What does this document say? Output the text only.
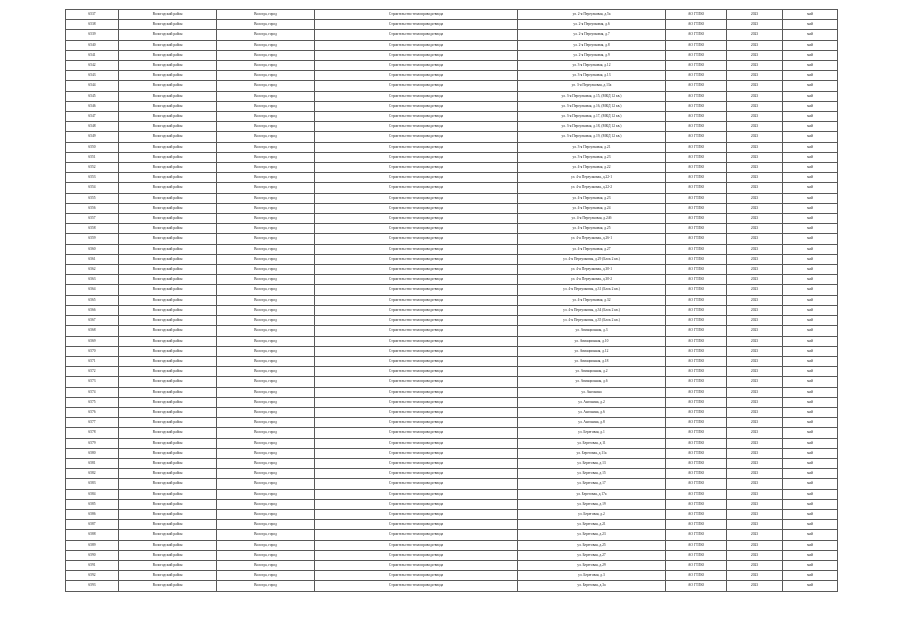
6537	Вологодский район	Вологда, город	Строительство теплопровода-ввода	ул. 2-я Переулковая, д.5а	АО ГТЛЮ	2023	май
6538	Вологодский район	Вологда, город	Строительство теплопровода-ввода	ул. 2-я Переулковая, д.6	АО ГТЛЮ	2023	май
6539	Вологодский район	Вологда, город	Строительство теплопровода-ввода	ул. 2-я Переулковая, д.7	АО ГТЛЮ	2023	май
6540	Вологодский район	Вологда, город	Строительство теплопровода-ввода	ул. 2-я Переулковая, д.8	АО ГТЛЮ	2023	май
6541	Вологодский район	Вологда, город	Строительство теплопровода-ввода	ул. 2-я Переулковая, д.9	АО ГТЛЮ	2023	май
6542	Вологодский район	Вологда, город	Строительство теплопровода-ввода	ул. 3-я Переулковая, д.12	АО ГТЛЮ	2023	май
6543	Вологодский район	Вологда, город	Строительство теплопровода-ввода	ул. 3-я Переулковая, д.13	АО ГТЛЮ	2023	май
6544	Вологодский район	Вологда, город	Строительство теплопровода-ввода	ул. 3-я Переулковая, д.13а	АО ГТЛЮ	2023	май
6545	Вологодский район	Вологда, город	Строительство теплопровода-ввода	ул. 3-я Переулковая, д.15, (МКД 12 кв.)	АО ГТЛЮ	2023	май
6546	Вологодский район	Вологда, город	Строительство теплопровода-ввода	ул. 3-я Переулковая, д.16, (МКД 12 кв.)	АО ГТЛЮ	2023	май
6547	Вологодский район	Вологда, город	Строительство теплопровода-ввода	ул. 3-я Переулковая, д.17, (МКД 12 кв.)	АО ГТЛЮ	2023	май
6548	Вологодский район	Вологда, город	Строительство теплопровода-ввода	ул. 3-я Переулковая, д.18, (МКД 12 кв.)	АО ГТЛЮ	2023	май
6549	Вологодский район	Вологда, город	Строительство теплопровода-ввода	ул. 3-я Переулковая, д.19, (МКД 12 кв.)	АО ГТЛЮ	2023	май
6550	Вологодский район	Вологда, город	Строительство теплопровода-ввода	ул. 3-я Переулковая, д.21	АО ГТЛЮ	2023	май
6551	Вологодский район	Вологда, город	Строительство теплопровода-ввода	ул. 3-я Переулковая, д.23	АО ГТЛЮ	2023	май
6552	Вологодский район	Вологда, город	Строительство теплопровода-ввода	ул. 4-я Переулковая, д.22	АО ГТЛЮ	2023	май
6553	Вологодский район	Вологда, город	Строительство теплопровода-ввода	ул. 4-я Переулковая, д.22-1	АО ГТЛЮ	2023	май
6554	Вологодский район	Вологда, город	Строительство теплопровода-ввода	ул. 4-я Переулковая, д.22-2	АО ГТЛЮ	2023	май
6555	Вологодский район	Вологда, город	Строительство теплопровода-ввода	ул. 4-я Переулковая, д.23	АО ГТЛЮ	2023	май
6556	Вологодский район	Вологда, город	Строительство теплопровода-ввода	ул. 4-я Переулковая, д.24	АО ГТЛЮ	2023	май
6557	Вологодский район	Вологда, город	Строительство теплопровода-ввода	ул. 4-я Переулковая, д.24б	АО ГТЛЮ	2023	май
6558	Вологодский район	Вологда, город	Строительство теплопровода-ввода	ул. 4-я Переулковая, д.25	АО ГТЛЮ	2023	май
6559	Вологодский район	Вологда, город	Строительство теплопровода-ввода	ул. 4-я Переулковая, д.26-1	АО ГТЛЮ	2023	май
6560	Вологодский район	Вологда, город	Строительство теплопровода-ввода	ул. 4-я Переулковая, д.27	АО ГТЛЮ	2023	май
6561	Вологодский район	Вологда, город	Строительство теплопровода-ввода	ул. 4-я Переулковая, д.29 (Блок 2 кв.)	АО ГТЛЮ	2023	май
6562	Вологодский район	Вологда, город	Строительство теплопровода-ввода	ул. 4-я Переулковая, д.30-1	АО ГТЛЮ	2023	май
6563	Вологодский район	Вологда, город	Строительство теплопровода-ввода	ул. 4-я Переулковая, д.30-2	АО ГТЛЮ	2023	май
6564	Вологодский район	Вологда, город	Строительство теплопровода-ввода	ул. 4-я Переулковая, д.31 (Блок 2 кв.)	АО ГТЛЮ	2023	май
6565	Вологодский район	Вологда, город	Строительство теплопровода-ввода	ул. 4-я Переулковая, д.32	АО ГТЛЮ	2023	май
6566	Вологодский район	Вологда, город	Строительство теплопровода-ввода	ул. 4-я Переулковая, д.34 (Блок 2 кв.)	АО ГТЛЮ	2023	май
6567	Вологодский район	Вологда, город	Строительство теплопровода-ввода	ул. 4-я Переулковая, д.35 (Блок 2 кв.)	АО ГТЛЮ	2023	май
6568	Вологодский район	Вологда, город	Строительство теплопровода-ввода	ул. Авиационная, д.3	АО ГТЛЮ	2023	май
6569	Вологодский район	Вологда, город	Строительство теплопровода-ввода	ул. Авиационная, д.10	АО ГТЛЮ	2023	май
6570	Вологодский район	Вологда, город	Строительство теплопровода-ввода	ул. Авиационная, д.12	АО ГТЛЮ	2023	май
6571	Вологодский район	Вологда, город	Строительство теплопровода-ввода	ул. Авиационная, д.18	АО ГТЛЮ	2023	май
6572	Вологодский район	Вологда, город	Строительство теплопровода-ввода	ул. Авиационная, д.2	АО ГТЛЮ	2023	май
6573	Вологодский район	Вологда, город	Строительство теплопровода-ввода	ул. Авиационная, д.6	АО ГТЛЮ	2023	май
6574	Вологодский район	Вологда, город	Строительство теплопровода-ввода	ул. Ангонина	АО ГТЛЮ	2023	май
6575	Вологодский район	Вологда, город	Строительство теплопровода-ввода	ул. Ангонина, д.2	АО ГТЛЮ	2023	май
6576	Вологодский район	Вологда, город	Строительство теплопровода-ввода	ул. Ангонина, д.6	АО ГТЛЮ	2023	май
6577	Вологодский район	Вологда, город	Строительство теплопровода-ввода	ул. Ангонина, д.8	АО ГТЛЮ	2023	май
6578	Вологодский район	Вологда, город	Строительство теплопровода-ввода	ул. Береговая, д.1	АО ГТЛЮ	2023	май
6579	Вологодский район	Вологда, город	Строительство теплопровода-ввода	ул. Береговая, д.11	АО ГТЛЮ	2023	май
6580	Вологодский район	Вологда, город	Строительство теплопровода-ввода	ул. Береговая, д.11а	АО ГТЛЮ	2023	май
6581	Вологодский район	Вологда, город	Строительство теплопровода-ввода	ул. Береговая, д.13	АО ГТЛЮ	2023	май
6582	Вологодский район	Вологда, город	Строительство теплопровода-ввода	ул. Береговая, д.15	АО ГТЛЮ	2023	май
6583	Вологодский район	Вологда, город	Строительство теплопровода-ввода	ул. Береговая, д.17	АО ГТЛЮ	2023	май
6584	Вологодский район	Вологда, город	Строительство теплопровода-ввода	ул. Береговая, д.17а	АО ГТЛЮ	2023	май
6585	Вологодский район	Вологда, город	Строительство теплопровода-ввода	ул. Береговая, д.19	АО ГТЛЮ	2023	май
6586	Вологодский район	Вологда, город	Строительство теплопровода-ввода	ул. Береговая, д.2	АО ГТЛЮ	2023	май
6587	Вологодский район	Вологда, город	Строительство теплопровода-ввода	ул. Береговая, д.21	АО ГТЛЮ	2023	май
6588	Вологодский район	Вологда, город	Строительство теплопровода-ввода	ул. Береговая, д.23	АО ГТЛЮ	2023	май
6589	Вологодский район	Вологда, город	Строительство теплопровода-ввода	ул. Береговая, д.25	АО ГТЛЮ	2023	май
6590	Вологодский район	Вологда, город	Строительство теплопровода-ввода	ул. Береговая, д.27	АО ГТЛЮ	2023	май
6591	Вологодский район	Вологда, город	Строительство теплопровода-ввода	ул. Береговая, д.29	АО ГТЛЮ	2023	май
6592	Вологодский район	Вологда, город	Строительство теплопровода-ввода	ул. Береговая, д.3	АО ГТЛЮ	2023	май
6593	Вологодский район	Вологда, город	Строительство теплопровода-ввода	ул. Береговая, д.3а	АО ГТЛЮ	2023	май
